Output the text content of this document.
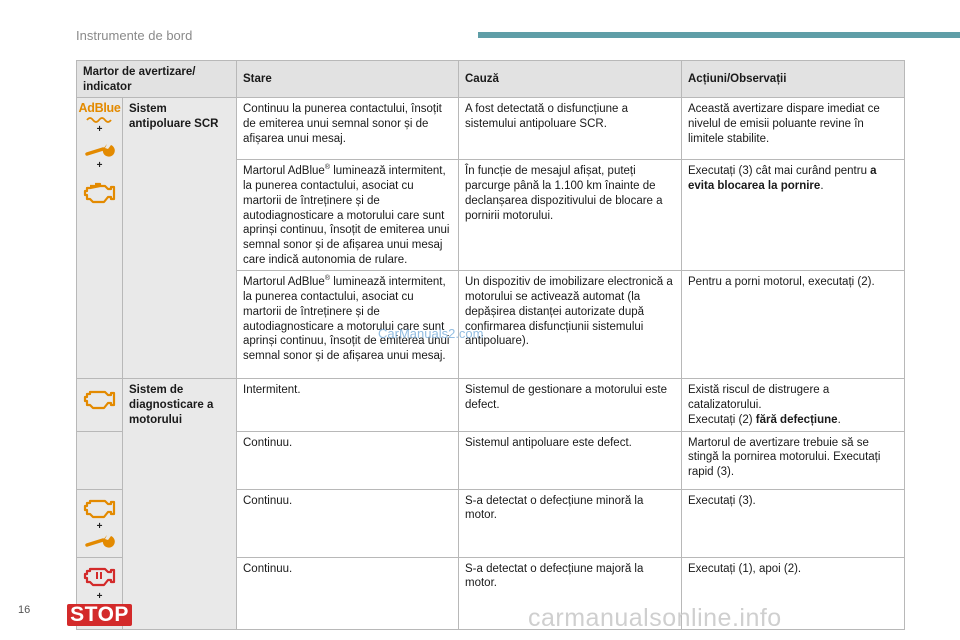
Instrumente de bord
Martor de avertizare/ indicator		Stare	Cauză	Acțiuni/Observații

AdBlue
+
+	Sistem antipoluare SCR	Continuu la punerea contactului, însoțit de emiterea unui semnal sonor și de afișarea unui mesaj.	A fost detectată o disfuncțiune a sistemului antipoluare SCR.	Această avertizare dispare imediat ce nivelul de emisii poluante revine în limitele stabilite.
		Martorul AdBlue® luminează intermitent, la punerea contactului, asociat cu martorii de întreținere și de autodiagnosticare a motorului care sunt aprinși continuu, însoțit de emiterea unui semnal sonor și de afișarea unui mesaj care indică autonomia de rulare.	În funcție de mesajul afișat, puteți parcurge până la 1.100 km înainte de declanșarea dispozitivului de blocare a pornirii motorului.	Executați (3) cât mai curând pentru a evita blocarea la pornire.
		Martorul AdBlue® luminează intermitent, la punerea contactului, asociat cu martorii de întreținere și de autodiagnosticare a motorului care sunt aprinși continuu, însoțit de emiterea unui semnal sonor și de afișarea unui mesaj.	Un dispozitiv de imobilizare electronică a motorului se activează automat (la depășirea distanței autorizate după confirmarea disfuncțiunii sistemului antipoluare).	Pentru a porni motorul, executați (2).

	Sistem de diagnosticare a motorului	Intermitent.	Sistemul de gestionare a motorului este defect.	Există riscul de distrugere a catalizatorului.
Executați (2) fără defecțiune.
		Continuu.	Sistemul antipoluare este defect.	Martorul de avertizare trebuie să se stingă la pornirea motorului. Executați rapid (3).

+		Continuu.	S-a detectat o defecțiune minoră la motor.	Executați (3).

+
STOP		Continuu.	S-a detectat o defecțiune majoră la motor.	Executați (1), apoi (2).
CarManuals2.com
16	carmanualsonline.info
